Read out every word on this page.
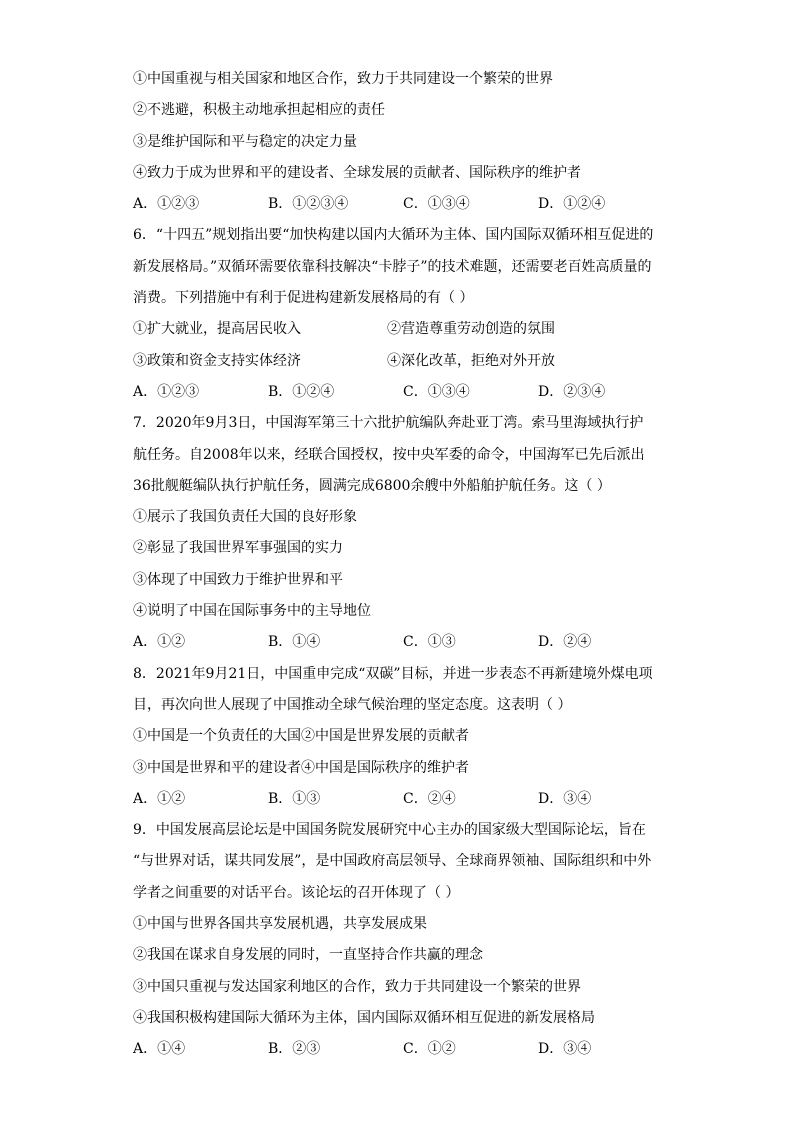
①中国重视与相关国家和地区合作，致力于共同建设一个繁荣的世界
②不逃避，积极主动地承担起相应的责任
③是维护国际和平与稳定的决定力量
④致力于成为世界和平的建设者、全球发展的贡献者、国际秩序的维护者
A．①②③	B．①②③④	C．①③④	D．①②④
6．“十四五”规划指出要“加快构建以国内大循环为主体、国内国际双循环相互促进的
新发展格局。”双循环需要依靠科技解决“卡脖子”的技术难题，还需要老百姓高质量的
消费。下列措施中有利于促进构建新发展格局的有（ ）
①扩大就业，提高居民收入	②营造尊重劳动创造的氛围
③政策和资金支持实体经济	④深化改革，拒绝对外开放
A．①②③	B．①②④	C．①③④	D．②③④
7．2020年9月3日，中国海军第三十六批护航编队奔赴亚丁湾。索马里海域执行护
航任务。自2008年以来，经联合国授权，按中央军委的命令，中国海军已先后派出
36批舰艇编队执行护航任务，圆满完成6800余艘中外船舶护航任务。这（ ）
①展示了我国负责任大国的良好形象
②彰显了我国世界军事强国的实力
③体现了中国致力于维护世界和平
④说明了中国在国际事务中的主导地位
A．①②	B．①④	C．①③	D．②④
8．2021年9月21日，中国重申完成“双碳”目标，并进一步表态不再新建境外煤电项
目，再次向世人展现了中国推动全球气候治理的坚定态度。这表明（ ）
①中国是一个负责任的大国②中国是世界发展的贡献者
③中国是世界和平的建设者④中国是国际秩序的维护者
A．①②	B．①③	C．②④	D．③④
9．中国发展高层论坛是中国国务院发展研究中心主办的国家级大型国际论坛，旨在
“与世界对话，谋共同发展”，是中国政府高层领导、全球商界领袖、国际组织和中外
学者之间重要的对话平台。该论坛的召开体现了（ ）
①中国与世界各国共享发展机遇，共享发展成果
②我国在谋求自身发展的同时，一直坚持合作共赢的理念
③中国只重视与发达国家利地区的合作，致力于共同建设一个繁荣的世界
④我国积极构建国际大循环为主体，国内国际双循环相互促进的新发展格局
A．①④	B．②③	C．①②	D．③④
